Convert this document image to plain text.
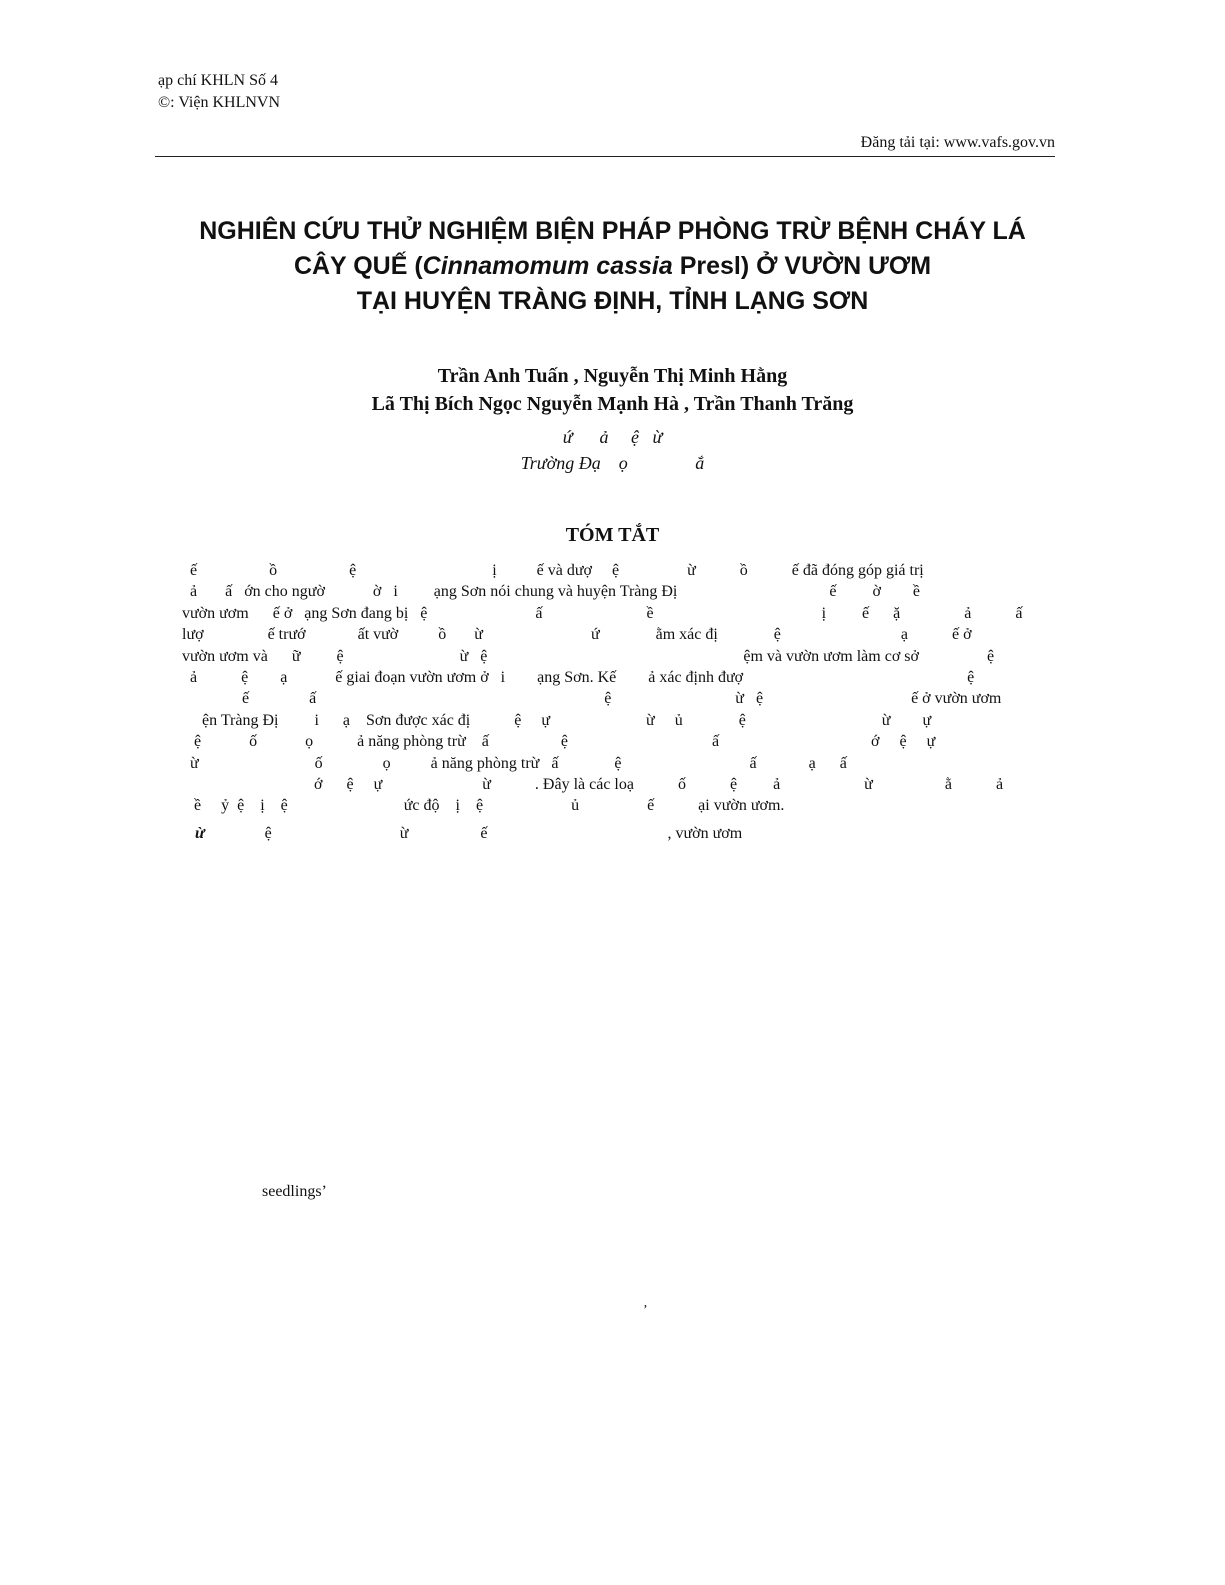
ạp chí KHLN Số 4
©: Viện KHLNVN
Đăng tải tại: www.vafs.gov.vn
NGHIÊN CỨU THỬ NGHIỆM BIỆN PHÁP PHÒNG TRỪ BỆNH CHÁY LÁ
CÂY QUẾ (Cinnamomum cassia Presl) Ở VƯỜN ƯƠM
TẠI HUYỆN TRÀNG ĐỊNH, TỈNH LẠNG SƠN
Trần Anh Tuấn , Nguyễn Thị Minh Hằng
Lã Thị Bích Ngọc Nguyễn Mạnh Hà , Trần Thanh Trăng
ứ      ả     ệ   ừ
Trường Đạ    ọ               ắ
TÓM TẮT
ế                  ồ                  ệ                                  ị          ế và dượ     ệ                 ừ           ồ           ế đã đóng góp giá trị
ả       ấ   ớn cho ngườ            ờ   i         ạng Sơn nói chung và huyện Tràng Đị                                      ế         ờ        ề
vườn ươm      ế ở   ạng Sơn đang bị   ệ                           ấ                          ề                                          ị         ế      ặ                ả           ấ
lượ                ế trướ             ất vườ          ồ       ừ                           ứ              ằm xác đị              ệ                              ạ           ế ở
vườn ươm và      ữ         ệ                             ừ   ệ                                                                ệm và vườn ươm làm cơ sở                 ệ
ả           ệ        ạ            ế giai đoạn vườn ươm ở   i        ạng Sơn. Kế        ả xác định đượ                                                        ệ
ế               ấ                                                                        ệ                               ừ   ệ                                     ế ở vườn ươm
ện Tràng Đị         i      ạ    Sơn được xác đị           ệ     ự                        ừ     ủ              ệ                                  ừ        ự
ệ            ố            ọ           ả năng phòng trừ    ấ                  ệ                                    ấ                                      ớ     ệ     ự
ừ                             ố               ọ          ả năng phòng trừ   ấ              ệ                                ấ             ạ      ấ
ớ      ệ     ự                         ừ           . Đây là các loạ           ố           ệ         ả                     ừ                  ằ           ả
ề     ỷ  ệ    ị    ệ                             ức độ    ị    ệ                      ủ                 ế           ại vườn ươm.
ừ               ệ                                ừ                  ế                                             , vườn ươm
seedlings’
’
